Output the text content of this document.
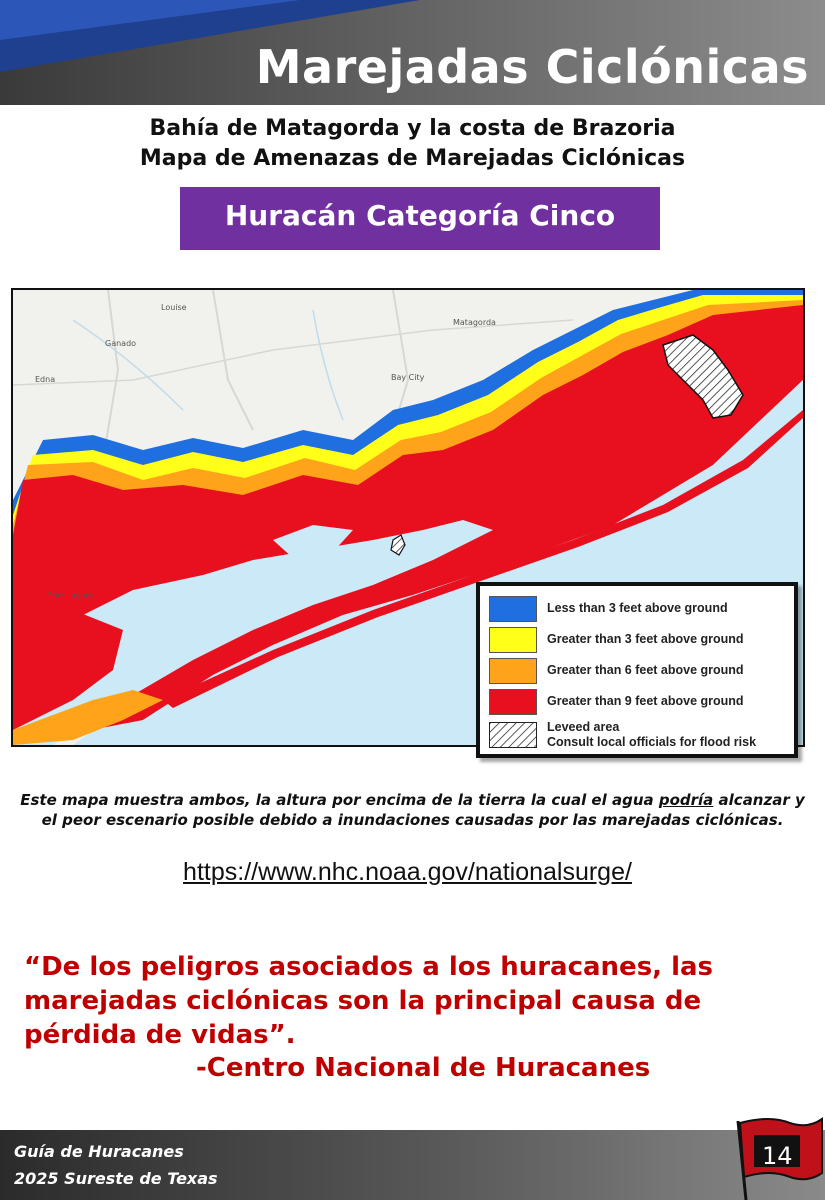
Marejadas Ciclónicas
Bahía de Matagorda y la costa de Brazoria
Mapa de Amenazas de Marejadas Ciclónicas
Huracán Categoría Cinco
Louise
Ganado
Edna	Bay City
Matagorda
Port Lavaca
Less than 3 feet above ground
Greater than 3 feet above ground
Greater than 6 feet above ground
Greater than 9 feet above ground
Leveed area
Consult local officials for flood risk
Este mapa muestra ambos, la altura por encima de la tierra la cual el agua podría alcanzar y el peor escenario posible debido a inundaciones causadas por las marejadas ciclónicas.
https://www.nhc.noaa.gov/nationalsurge/
“De los peligros asociados a los huracanes, las marejadas ciclónicas son la principal causa de pérdida de vidas”.
-Centro Nacional de Huracanes
Guía de Huracanes
2025 Sureste de Texas
14
